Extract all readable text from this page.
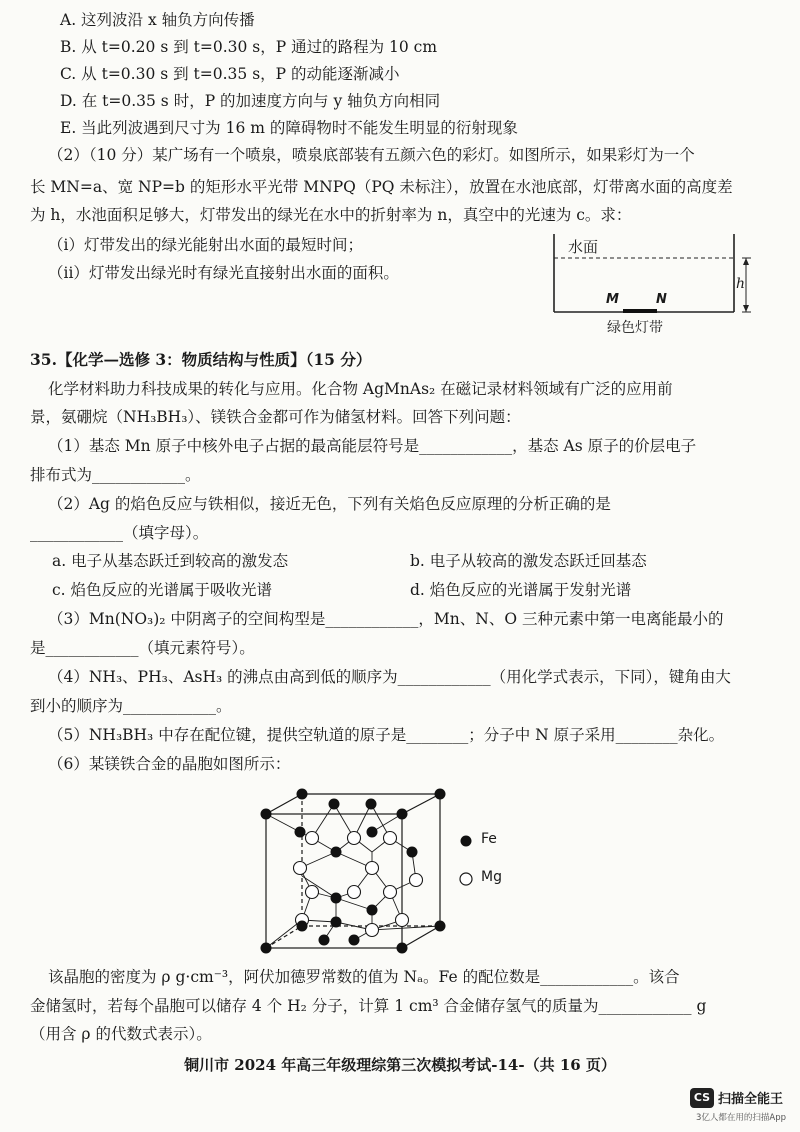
A. 这列波沿 x 轴负方向传播
B. 从 t=0.20 s 到 t=0.30 s，P 通过的路程为 10 cm
C. 从 t=0.30 s 到 t=0.35 s，P 的动能逐渐减小
D. 在 t=0.35 s 时，P 的加速度方向与 y 轴负方向相同
E. 当此列波遇到尺寸为 16 m 的障碍物时不能发生明显的衍射现象
（2）（10 分）某广场有一个喷泉，喷泉底部装有五颜六色的彩灯。如图所示，如果彩灯为一个
长 MN=a、宽 NP=b 的矩形水平光带 MNPQ（PQ 未标注），放置在水池底部，灯带离水面的高度差
为 h，水池面积足够大，灯带发出的绿光在水中的折射率为 n，真空中的光速为 c。求：
（i）灯带发出的绿光能射出水面的最短时间；
（ii）灯带发出绿光时有绿光直接射出水面的面积。
水面
h
M	N
绿色灯带
35.【化学—选修 3：物质结构与性质】（15 分）
化学材料助力科技成果的转化与应用。化合物 AgMnAs₂ 在磁记录材料领域有广泛的应用前
景，氨硼烷（NH₃BH₃）、镁铁合金都可作为储氢材料。回答下列问题：
（1）基态 Mn 原子中核外电子占据的最高能层符号是____________，基态 As 原子的价层电子
排布式为____________。
（2）Ag 的焰色反应与铁相似，接近无色，下列有关焰色反应原理的分析正确的是
____________（填字母）。
a. 电子从基态跃迁到较高的激发态	b. 电子从较高的激发态跃迁回基态
c. 焰色反应的光谱属于吸收光谱	d. 焰色反应的光谱属于发射光谱
（3）Mn(NO₃)₂ 中阴离子的空间构型是____________，Mn、N、O 三种元素中第一电离能最小的
是____________（填元素符号）。
（4）NH₃、PH₃、AsH₃ 的沸点由高到低的顺序为____________（用化学式表示，下同），键角由大
到小的顺序为____________。
（5）NH₃BH₃ 中存在配位键，提供空轨道的原子是________；分子中 N 原子采用________杂化。
（6）某镁铁合金的晶胞如图所示：
Fe
Mg
该晶胞的密度为 ρ g·cm⁻³，阿伏加德罗常数的值为 Nₐ。Fe 的配位数是____________。该合
金储氢时，若每个晶胞可以储存 4 个 H₂ 分子，计算 1 cm³ 合金储存氢气的质量为____________ g
（用含 ρ 的代数式表示）。
铜川市 2024 年高三年级理综第三次模拟考试-14-（共 16 页）
CS 扫描全能王
3亿人都在用的扫描App
